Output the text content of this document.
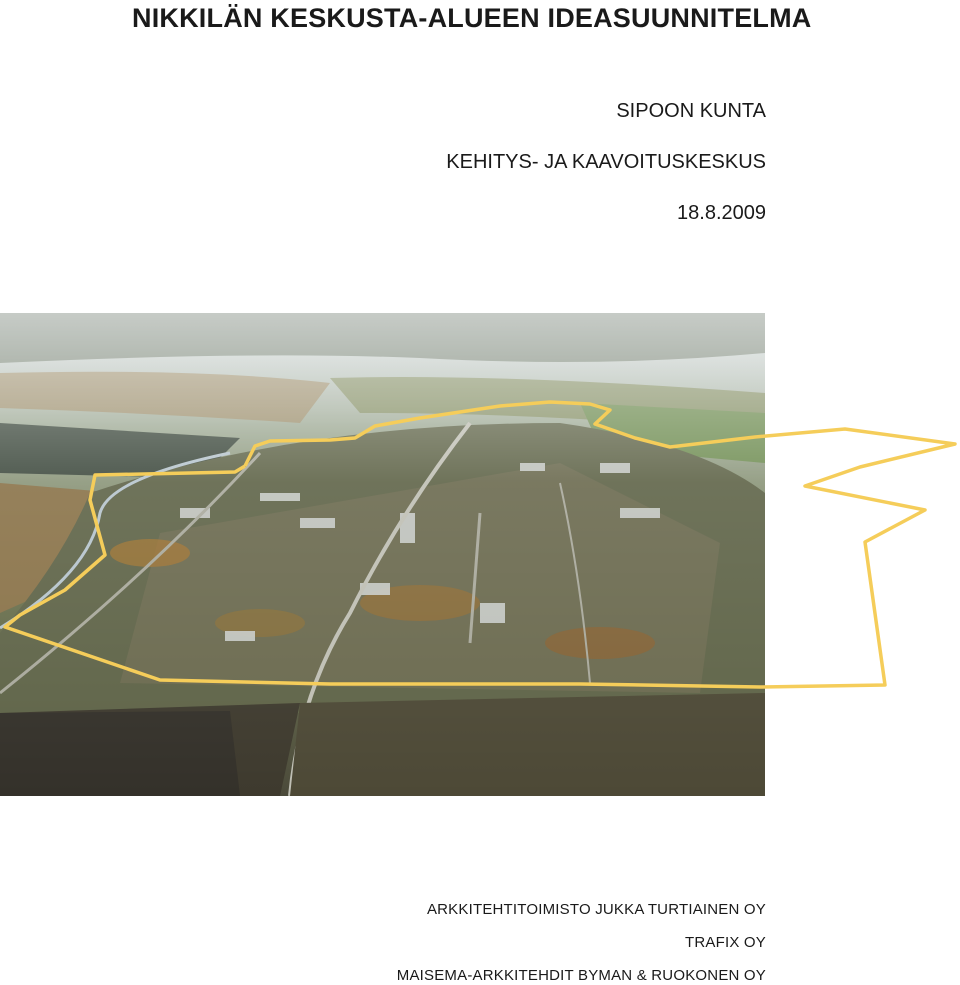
NIKKILÄN KESKUSTA-ALUEEN IDEASUUNNITELMA
SIPOON KUNTA
KEHITYS- JA KAAVOITUSKESKUS
18.8.2009
ARKKITEHTITOIMISTO JUKKA TURTIAINEN OY
TRAFIX OY
MAISEMA-ARKKITEHDIT BYMAN & RUOKONEN OY
